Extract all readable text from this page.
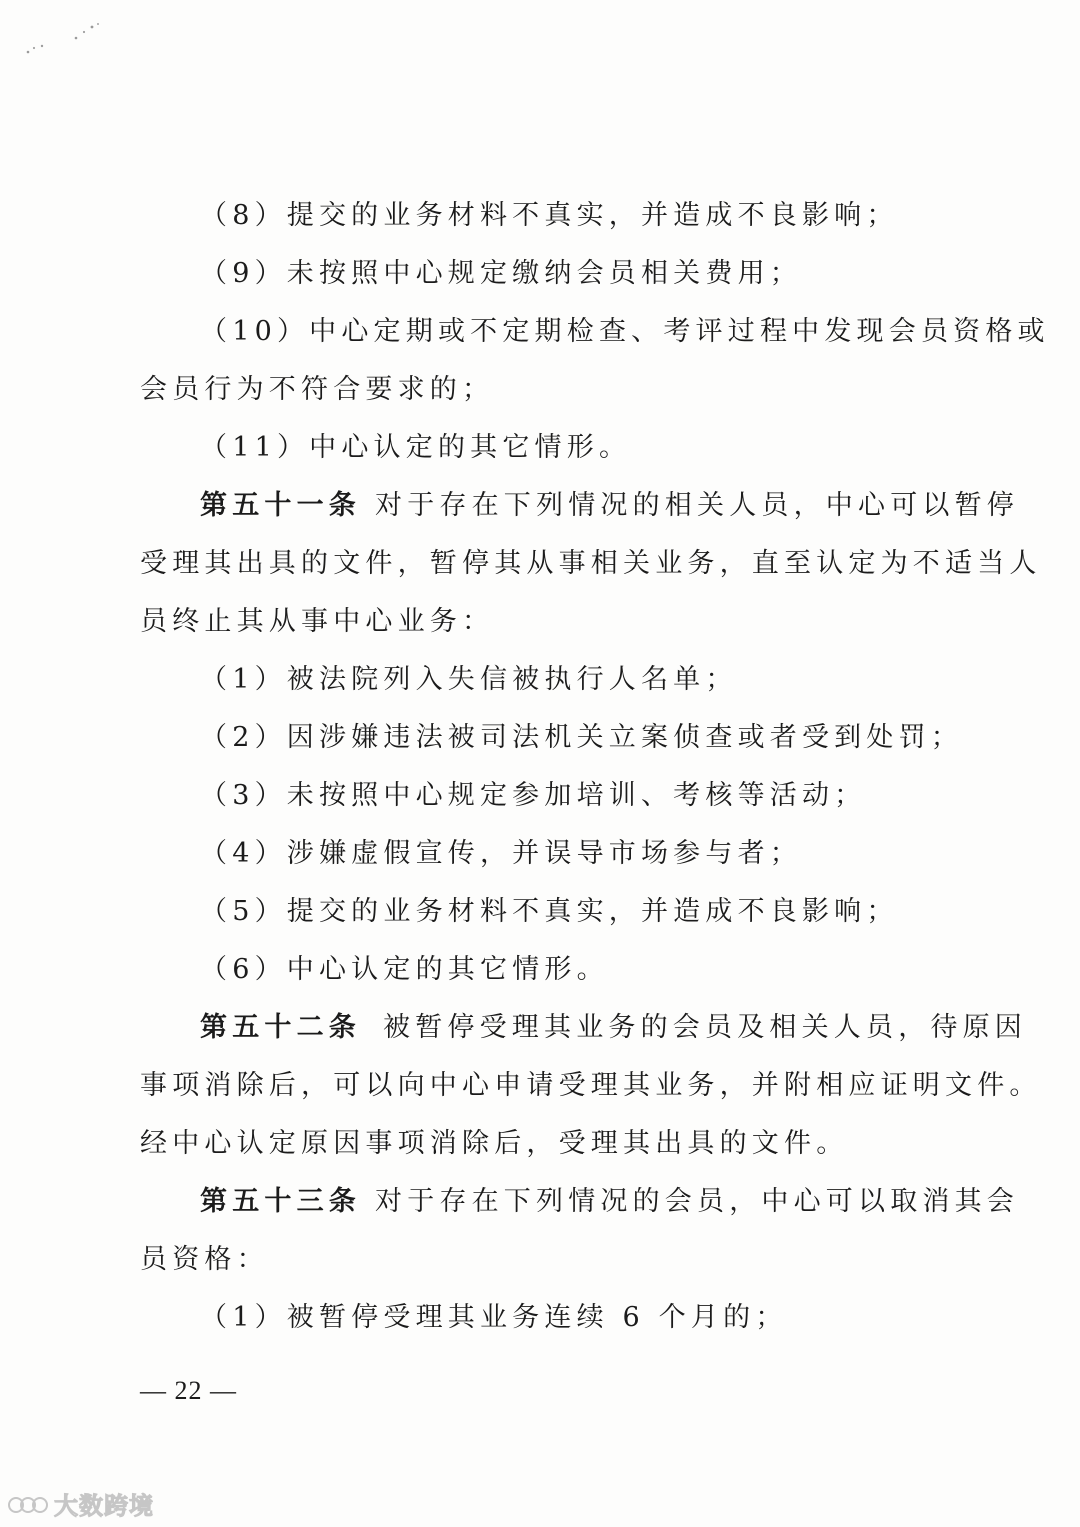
（8）提交的业务材料不真实，并造成不良影响；
（9）未按照中心规定缴纳会员相关费用；
（10）中心定期或不定期检查、考评过程中发现会员资格或
会员行为不符合要求的；
（11）中心认定的其它情形。
第五十一条 对于存在下列情况的相关人员，中心可以暂停
受理其出具的文件，暂停其从事相关业务，直至认定为不适当人
员终止其从事中心业务：
（1）被法院列入失信被执行人名单；
（2）因涉嫌违法被司法机关立案侦查或者受到处罚；
（3）未按照中心规定参加培训、考核等活动；
（4）涉嫌虚假宣传，并误导市场参与者；
（5）提交的业务材料不真实，并造成不良影响；
（6）中心认定的其它情形。
第五十二条 被暂停受理其业务的会员及相关人员，待原因
事项消除后，可以向中心申请受理其业务，并附相应证明文件。
经中心认定原因事项消除后，受理其出具的文件。
第五十三条 对于存在下列情况的会员，中心可以取消其会
员资格：
（1）被暂停受理其业务连续 6 个月的；
— 22 —
大数跨境
